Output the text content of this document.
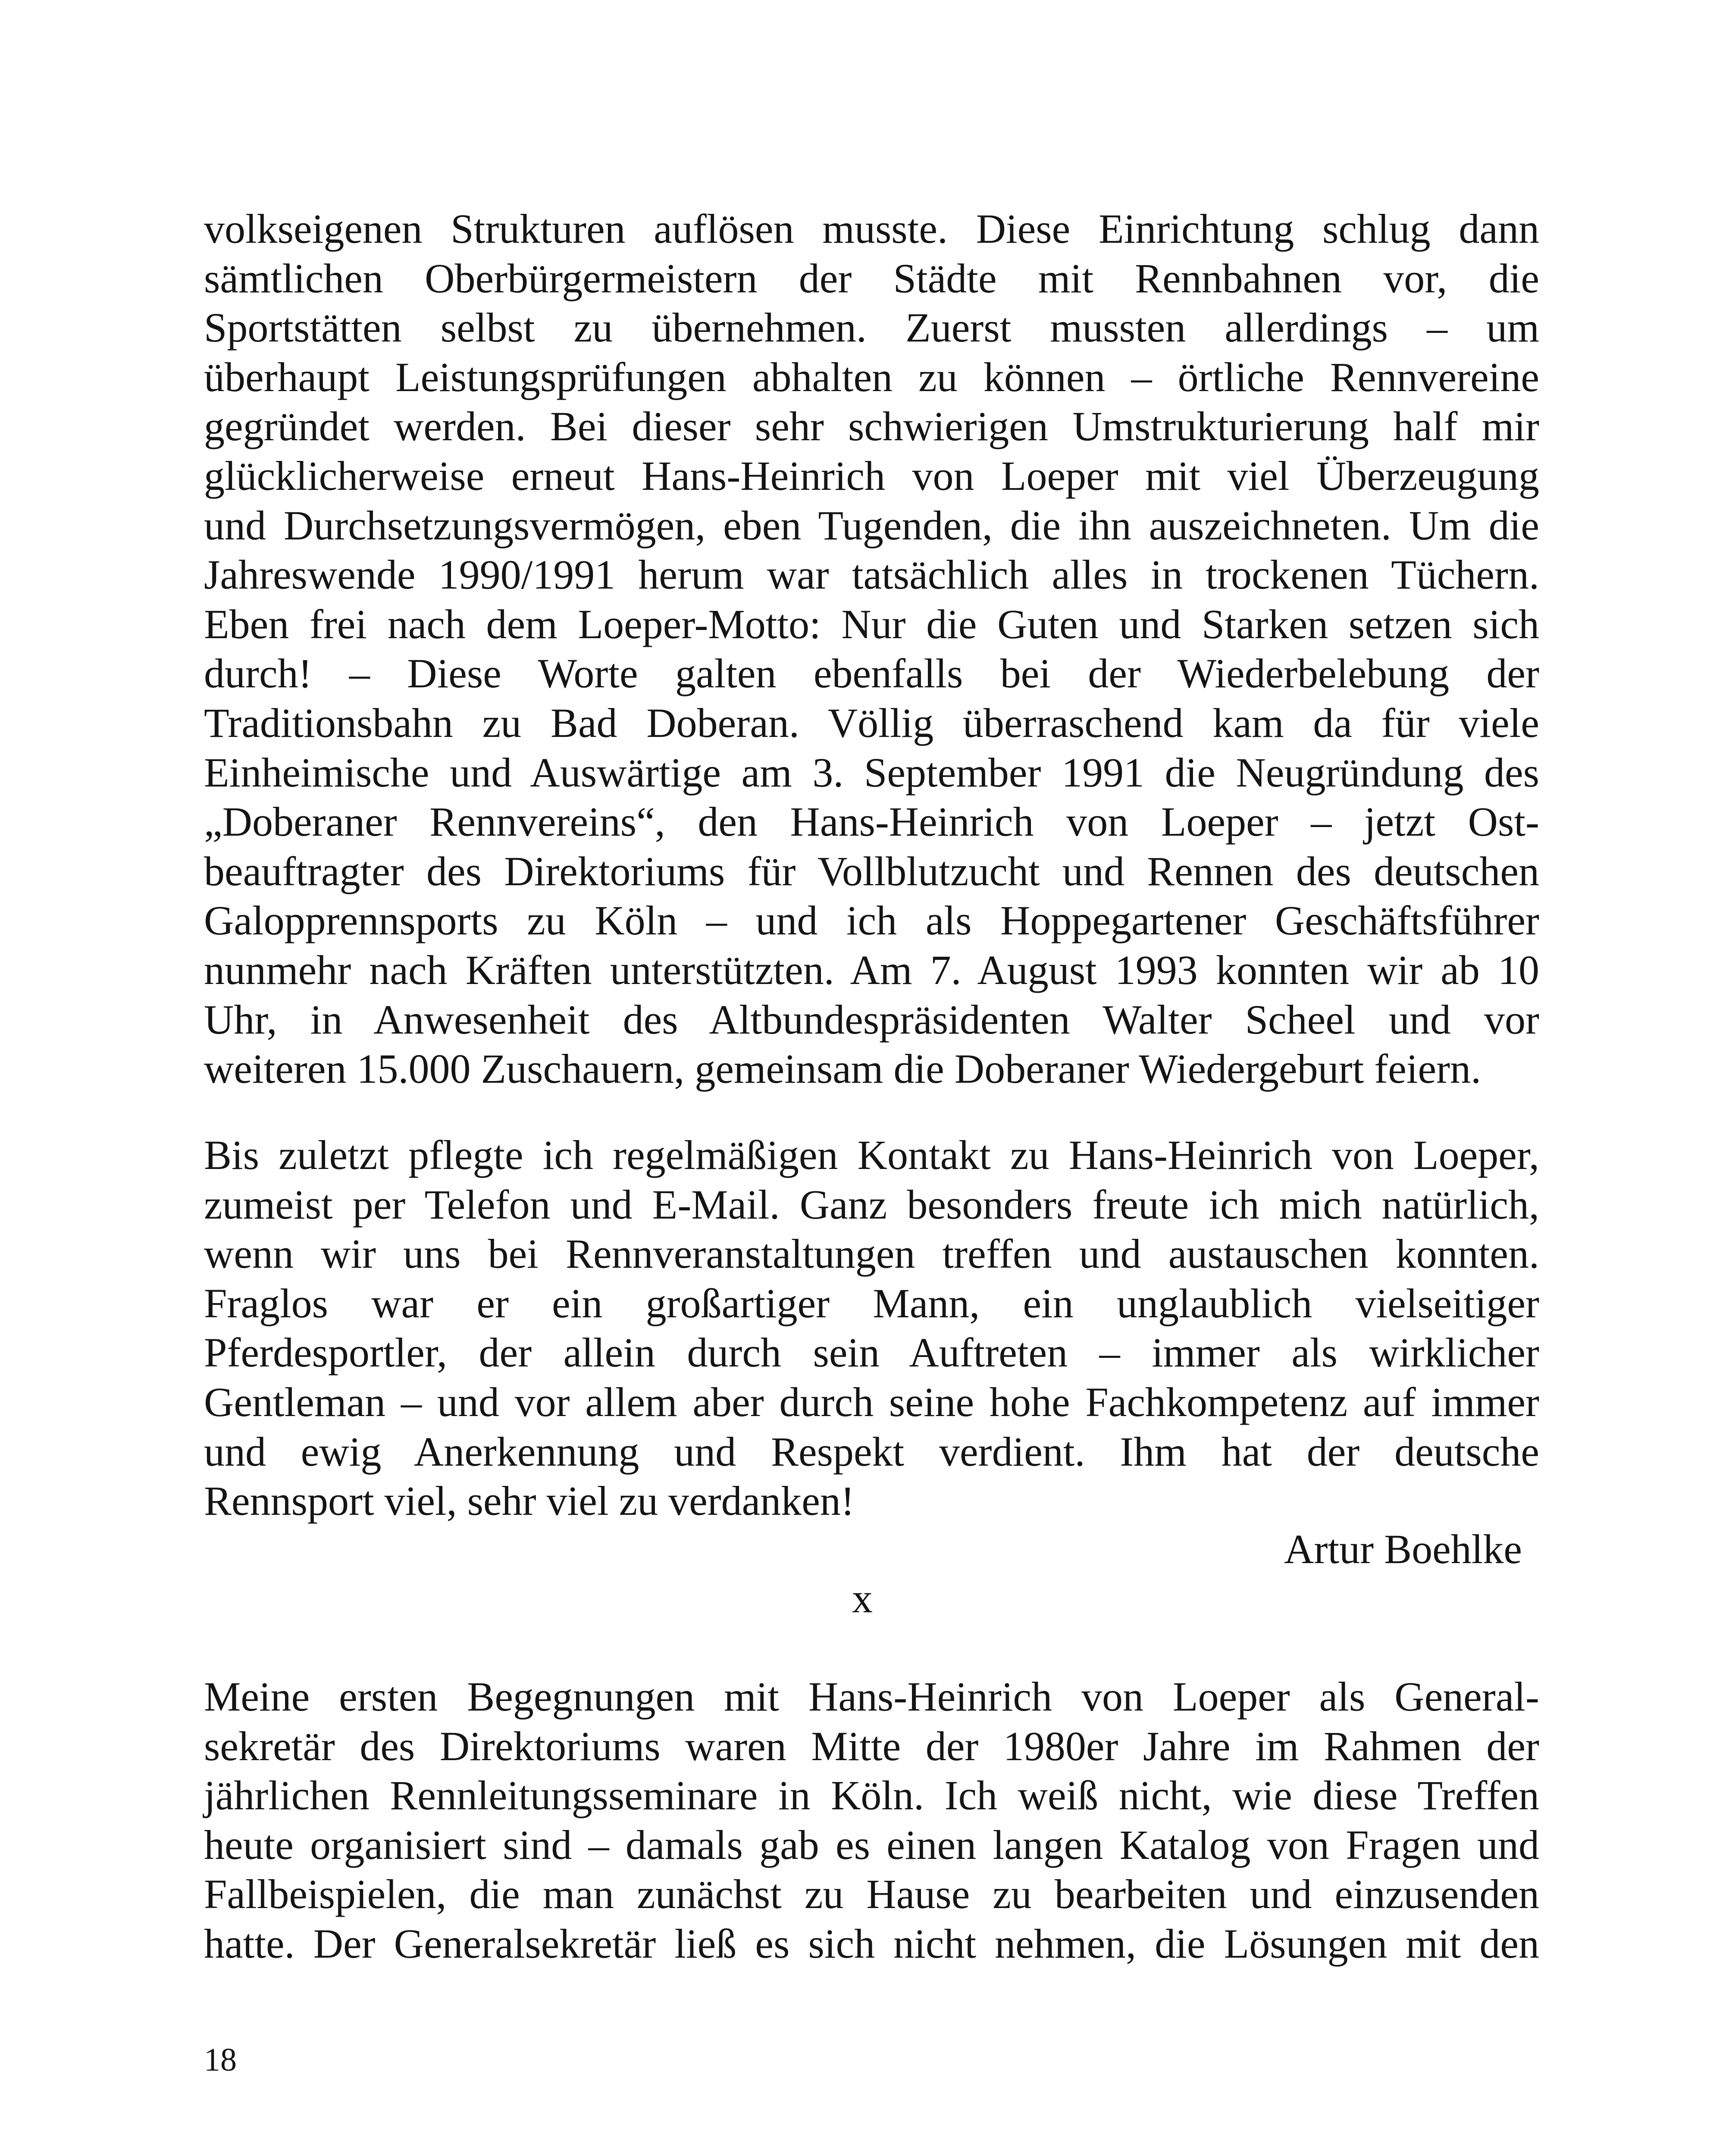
volkseigenen Strukturen auflösen musste. Diese Einrichtung schlug dann
sämtlichen Oberbürgermeistern der Städte mit Rennbahnen vor, die
Sportstätten selbst zu übernehmen. Zuerst mussten allerdings – um
überhaupt Leistungsprüfungen abhalten zu können – örtliche Rennvereine
gegründet werden. Bei dieser sehr schwierigen Umstrukturierung half mir
glücklicherweise erneut Hans-Heinrich von Loeper mit viel Überzeugung
und Durchsetzungsvermögen, eben Tugenden, die ihn auszeichneten. Um die
Jahreswende 1990/1991 herum war tatsächlich alles in trockenen Tüchern.
Eben frei nach dem Loeper-Motto: Nur die Guten und Starken setzen sich
durch! – Diese Worte galten ebenfalls bei der Wiederbelebung der
Traditionsbahn zu Bad Doberan. Völlig überraschend kam da für viele
Einheimische und Auswärtige am 3. September 1991 die Neugründung des
„Doberaner Rennvereins“, den Hans-Heinrich von Loeper – jetzt Ost-
beauftragter des Direktoriums für Vollblutzucht und Rennen des deutschen
Galopprennsports zu Köln – und ich als Hoppegartener Geschäftsführer
nunmehr nach Kräften unterstützten. Am 7. August 1993 konnten wir ab 10
Uhr, in Anwesenheit des Altbundespräsidenten Walter Scheel und vor
weiteren 15.000 Zuschauern, gemeinsam die Doberaner Wiedergeburt feiern.
Bis zuletzt pflegte ich regelmäßigen Kontakt zu Hans-Heinrich von Loeper,
zumeist per Telefon und E-Mail. Ganz besonders freute ich mich natürlich,
wenn wir uns bei Rennveranstaltungen treffen und austauschen konnten.
Fraglos war er ein großartiger Mann, ein unglaublich vielseitiger
Pferdesportler, der allein durch sein Auftreten – immer als wirklicher
Gentleman – und vor allem aber durch seine hohe Fachkompetenz auf immer
und ewig Anerkennung und Respekt verdient. Ihm hat der deutsche
Rennsport viel, sehr viel zu verdanken!
Artur Boehlke
x
Meine ersten Begegnungen mit Hans-Heinrich von Loeper als General-
sekretär des Direktoriums waren Mitte der 1980er Jahre im Rahmen der
jährlichen Rennleitungsseminare in Köln. Ich weiß nicht, wie diese Treffen
heute organisiert sind – damals gab es einen langen Katalog von Fragen und
Fallbeispielen, die man zunächst zu Hause zu bearbeiten und einzusenden
hatte. Der Generalsekretär ließ es sich nicht nehmen, die Lösungen mit den
18
